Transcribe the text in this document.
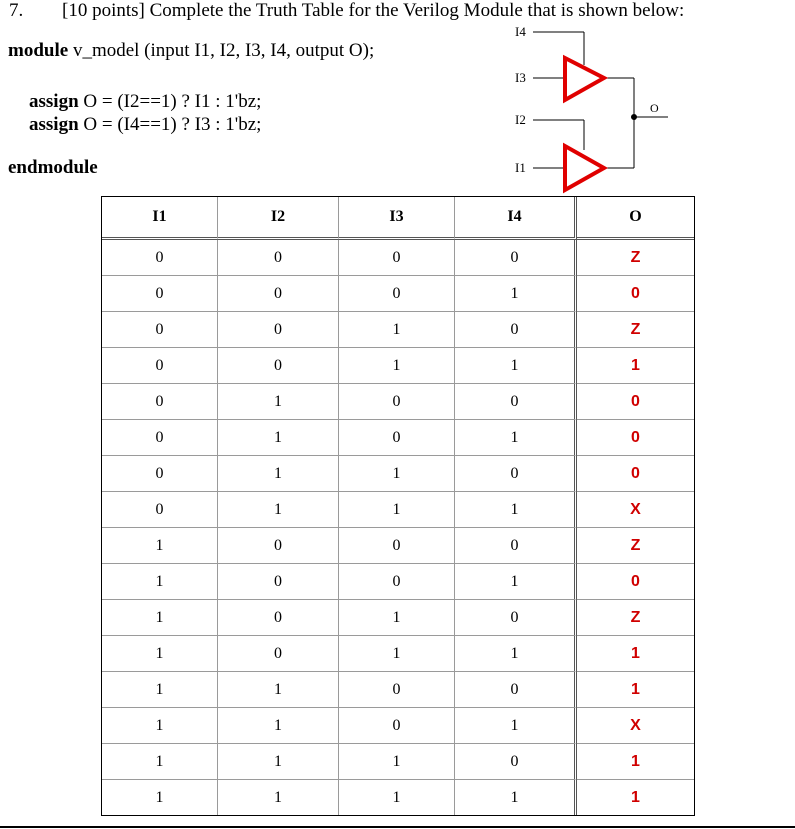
7. [10 points] Complete the Truth Table for the Verilog Module that is shown below:
module v_model (input I1, I2, I3, I4, output O);
assign O = (I2==1) ? I1 : 1'bz;
assign O = (I4==1) ? I3 : 1'bz;
endmodule
I4
I3
I2
I1
O
I1	I2	I3	I4	O
0	0	0	0	Z
0	0	0	1	0
0	0	1	0	Z
0	0	1	1	1
0	1	0	0	0
0	1	0	1	0
0	1	1	0	0
0	1	1	1	X
1	0	0	0	Z
1	0	0	1	0
1	0	1	0	Z
1	0	1	1	1
1	1	0	0	1
1	1	0	1	X
1	1	1	0	1
1	1	1	1	1
